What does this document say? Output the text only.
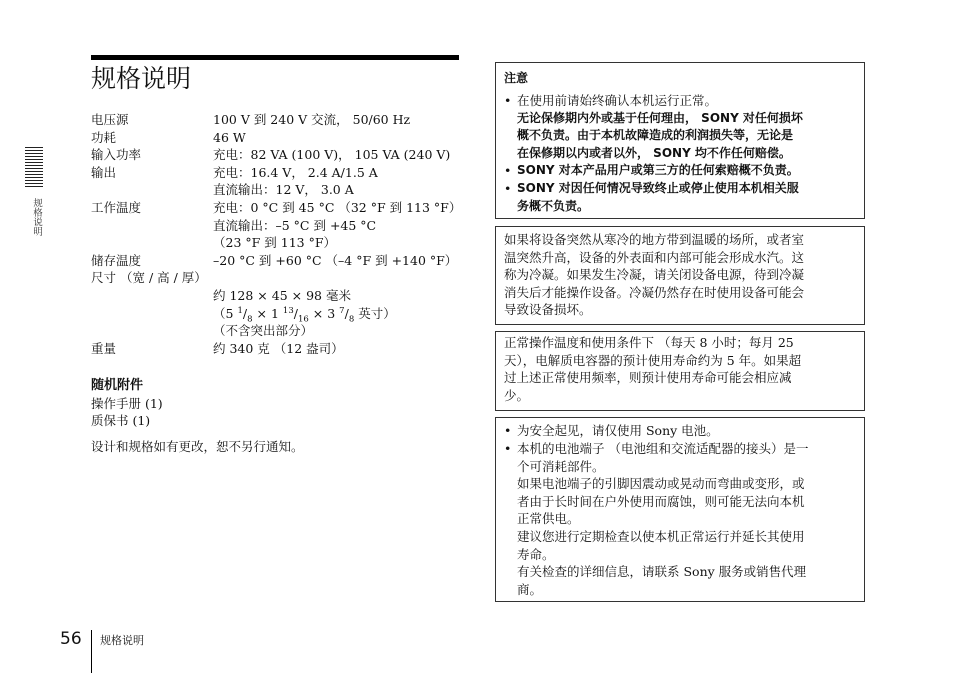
规格说明
规格说明
电压源	100 V 到 240 V 交流， 50/60 Hz
功耗	46 W
输入功率	充电：82 VA (100 V)， 105 VA (240 V)
输出	充电：16.4 V， 2.4 A/1.5 A
直流输出：12 V， 3.0 A
工作温度	充电：0 °C 到 45 °C （32 °F 到 113 °F）
直流输出：–5 °C 到 +45 °C
（23 °F 到 113 °F）
储存温度	–20 °C 到 +60 °C （–4 °F 到 +140 °F）
尺寸 （宽 / 高 / 厚）
约 128 × 45 × 98 毫米
（5 $^1/_8 \times 1$ $^{13}/_{16} \times 3$ $^7/_8$ 英寸）
（不含突出部分）
重量	约 340 克 （12 盎司）
随机附件
操作手册 (1)
质保书 (1)
设计和规格如有更改，恕不另行通知。
注意
• 在使用前请始终确认本机运行正常。
无论保修期内外或基于任何理由， SONY 对任何损坏
概不负责。由于本机故障造成的利润损失等，无论是
在保修期以内或者以外， SONY 均不作任何赔偿。
• SONY 对本产品用户或第三方的任何索赔概不负责。
• SONY 对因任何情况导致终止或停止使用本机相关服
务概不负责。
如果将设备突然从寒冷的地方带到温暖的场所，或者室
温突然升高，设备的外表面和内部可能会形成水汽。这
称为冷凝。如果发生冷凝，请关闭设备电源，待到冷凝
消失后才能操作设备。冷凝仍然存在时使用设备可能会
导致设备损坏。
正常操作温度和使用条件下 （每天 8 小时；每月 25
天），电解质电容器的预计使用寿命约为 5 年。如果超
过上述正常使用频率，则预计使用寿命可能会相应减
少。
• 为安全起见，请仅使用 Sony 电池。
• 本机的电池端子 （电池组和交流适配器的接头）是一
个可消耗部件。
如果电池端子的引脚因震动或晃动而弯曲或变形，或
者由于长时间在户外使用而腐蚀，则可能无法向本机
正常供电。
建议您进行定期检查以使本机正常运行并延长其使用
寿命。
有关检查的详细信息，请联系 Sony 服务或销售代理
商。
56 规格说明
